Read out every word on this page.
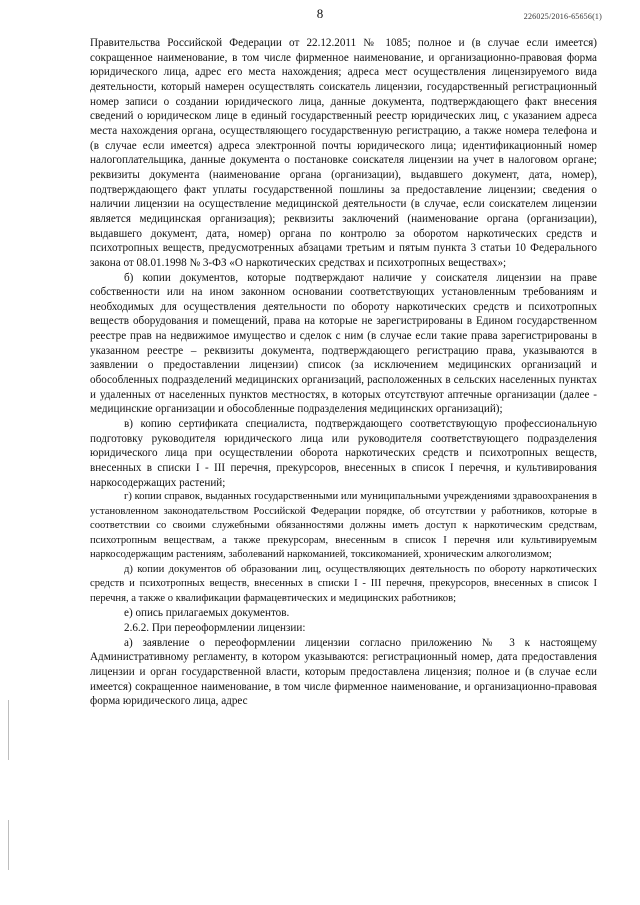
8	226025/2016-65656(1)

Правительства Российской Федерации от 22.12.2011 № 1085; полное и (в случае если имеется) сокращенное наименование, в том числе фирменное наименование, и организационно-правовая форма юридического лица, адрес его места нахождения; адреса мест осуществления лицензируемого вида деятельности, который намерен осуществлять соискатель лицензии, государственный регистрационный номер записи о создании юридического лица, данные документа, подтверждающего факт внесения сведений о юридическом лице в единый государственный реестр юридических лиц, с указанием адреса места нахождения органа, осуществляющего государственную регистрацию, а также номера телефона и (в случае если имеется) адреса электронной почты юридического лица; идентификационный номер налогоплательщика, данные документа о постановке соискателя лицензии на учет в налоговом органе; реквизиты документа (наименование органа (организации), выдавшего документ, дата, номер), подтверждающего факт уплаты государственной пошлины за предоставление лицензии; сведения о наличии лицензии на осуществление медицинской деятельности (в случае, если соискателем лицензии является медицинская организация); реквизиты заключений (наименование органа (организации), выдавшего документ, дата, номер) органа по контролю за оборотом наркотических средств и психотропных веществ, предусмотренных абзацами третьим и пятым пункта 3 статьи 10 Федерального закона от 08.01.1998 № 3-ФЗ «О наркотических средствах и психотропных веществах»;

б) копии документов, которые подтверждают наличие у соискателя лицензии на праве собственности или на ином законном основании соответствующих установленным требованиям и необходимых для осуществления деятельности по обороту наркотических средств и психотропных веществ оборудования и помещений, права на которые не зарегистрированы в Едином государственном реестре прав на недвижимое имущество и сделок с ним (в случае если такие права зарегистрированы в указанном реестре – реквизиты документа, подтверждающего регистрацию права, указываются в заявлении о предоставлении лицензии) список (за исключением медицинских организаций и обособленных подразделений медицинских организаций, расположенных в сельских населенных пунктах и удаленных от населенных пунктов местностях, в которых отсутствуют аптечные организации (далее - медицинские организации и обособленные подразделения медицинских организаций);

в) копию сертификата специалиста, подтверждающего соответствующую профессиональную подготовку руководителя юридического лица или руководителя соответствующего подразделения юридического лица при осуществлении оборота наркотических средств и психотропных веществ, внесенных в списки I - III перечня, прекурсоров, внесенных в список I перечня, и культивирования наркосодержащих растений;

г) копии справок, выданных государственными или муниципальными учреждениями здравоохранения в установленном законодательством Российской Федерации порядке, об отсутствии у работников, которые в соответствии со своими служебными обязанностями должны иметь доступ к наркотическим средствам, психотропным веществам, а также прекурсорам, внесенным в список I перечня или культивируемым наркосодержащим растениям, заболеваний наркоманией, токсикоманией, хроническим алкоголизмом;

д) копии документов об образовании лиц, осуществляющих деятельность по обороту наркотических средств и психотропных веществ, внесенных в списки I - III перечня, прекурсоров, внесенных в список I перечня, а также о квалификации фармацевтических и медицинских работников;

е) опись прилагаемых документов.

2.6.2. При переоформлении лицензии:

а) заявление о переоформлении лицензии согласно приложению № 3 к настоящему Административному регламенту, в котором указываются: регистрационный номер, дата предоставления лицензии и орган государственной власти, которым предоставлена лицензия; полное и (в случае если имеется) сокращенное наименование, в том числе фирменное наименование, и организационно-правовая форма юридического лица, адрес
